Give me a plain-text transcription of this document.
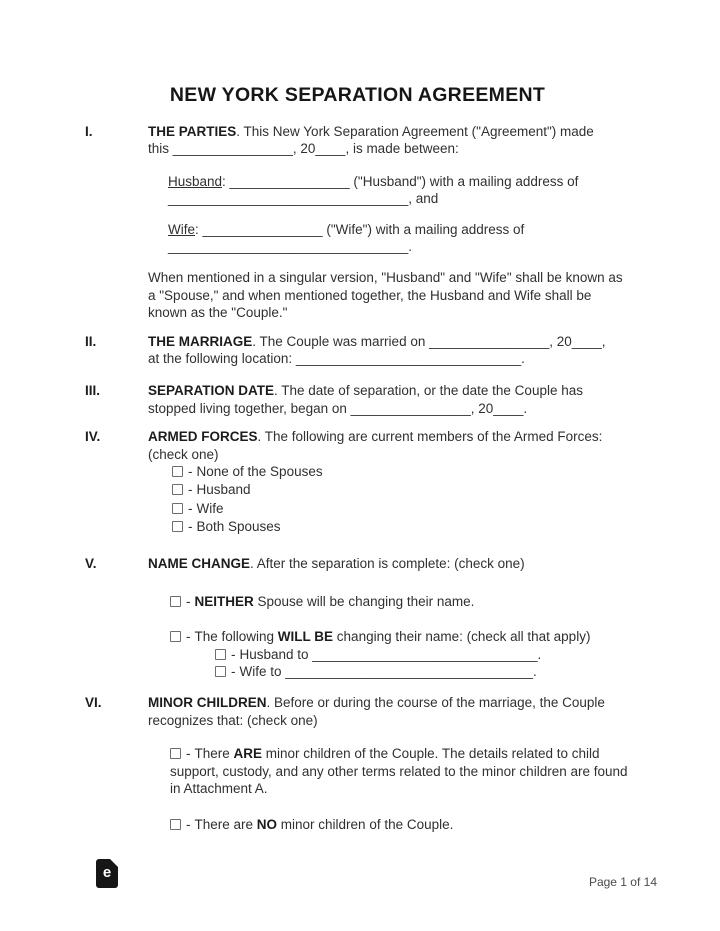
NEW YORK SEPARATION AGREEMENT
I.	THE PARTIES. This New York Separation Agreement ("Agreement") made this ________________, 20____, is made between:

Husband: ________________ ("Husband") with a mailing address of ________________________________, and

Wife: ________________ ("Wife") with a mailing address of ________________________________.

When mentioned in a singular version, "Husband" and "Wife" shall be known as a "Spouse," and when mentioned together, the Husband and Wife shall be known as the "Couple."

II.	THE MARRIAGE. The Couple was married on ________________, 20____, at the following location: ______________________________.

III.	SEPARATION DATE. The date of separation, or the date the Couple has stopped living together, began on ________________, 20____.

IV.	ARMED FORCES. The following are current members of the Armed Forces: (check one)

- None of the Spouses
- Husband
- Wife
- Both Spouses
V.	NAME CHANGE. After the separation is complete: (check one)

- NEITHER Spouse will be changing their name.

- The following WILL BE changing their name: (check all that apply)

- Husband to ______________________________.

- Wife to _________________________________.

VI.	MINOR CHILDREN. Before or during the course of the marriage, the Couple recognizes that: (check one)

- There ARE minor children of the Couple. The details related to child support, custody, and any other terms related to the minor children are found in Attachment A.

- There are NO minor children of the Couple.

e
Page 1 of 14
